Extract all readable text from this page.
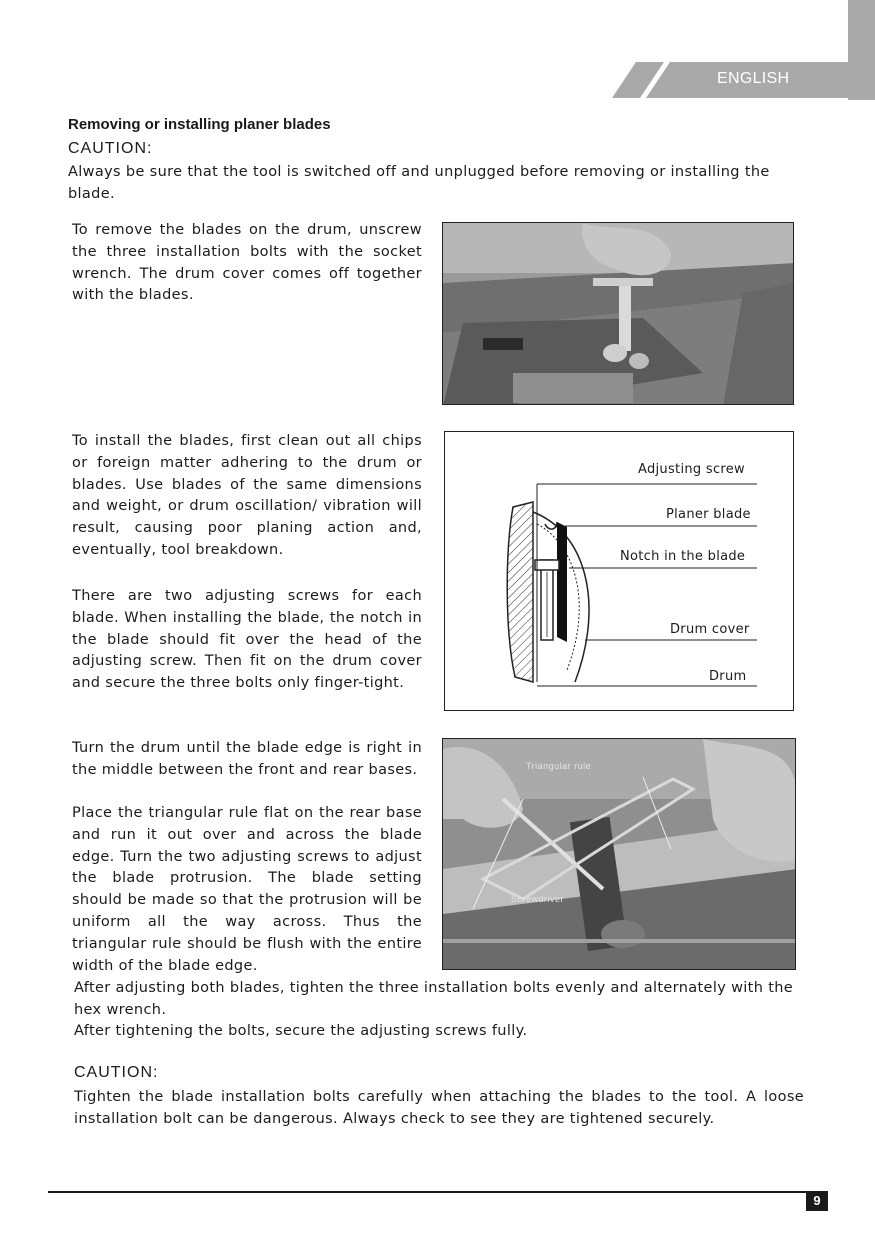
ENGLISH
Removing or installing planer blades
CAUTION:
Always be sure that the tool is switched off and unplugged before removing or installing the blade.
To remove the blades on the drum, unscrew the three installation bolts with the socket wrench. The drum cover comes off together with the blades.
To install the blades, first clean out all chips or foreign matter adhering to the drum or blades. Use blades of the same dimensions and weight, or drum oscillation/ vibration will result, causing poor planing action and, eventually, tool breakdown.
There are two adjusting screws for each blade. When installing the blade, the notch in the blade should fit over the head of the adjusting screw. Then fit on the drum cover and secure the three bolts only finger-tight.
Adjusting screw
Planer blade
Notch in the blade
Drum cover
Drum
Turn the drum until the blade edge is right in the middle between the front and rear bases.
Place the triangular rule flat on the rear base and run it out over and across the blade edge. Turn the two adjusting screws to adjust the blade protrusion. The blade setting should be made so that the protrusion will be uniform all the way across. Thus the triangular rule should be flush with the entire width of the blade edge.
Triangular rule
Screwdriver
After adjusting both blades, tighten the three installation bolts evenly and alternately with the hex wrench.
After tightening the bolts, secure the adjusting screws fully.
CAUTION:
Tighten the blade installation bolts carefully when attaching the blades to the tool. A loose installation bolt can be dangerous. Always check to see they are tightened securely.
9
